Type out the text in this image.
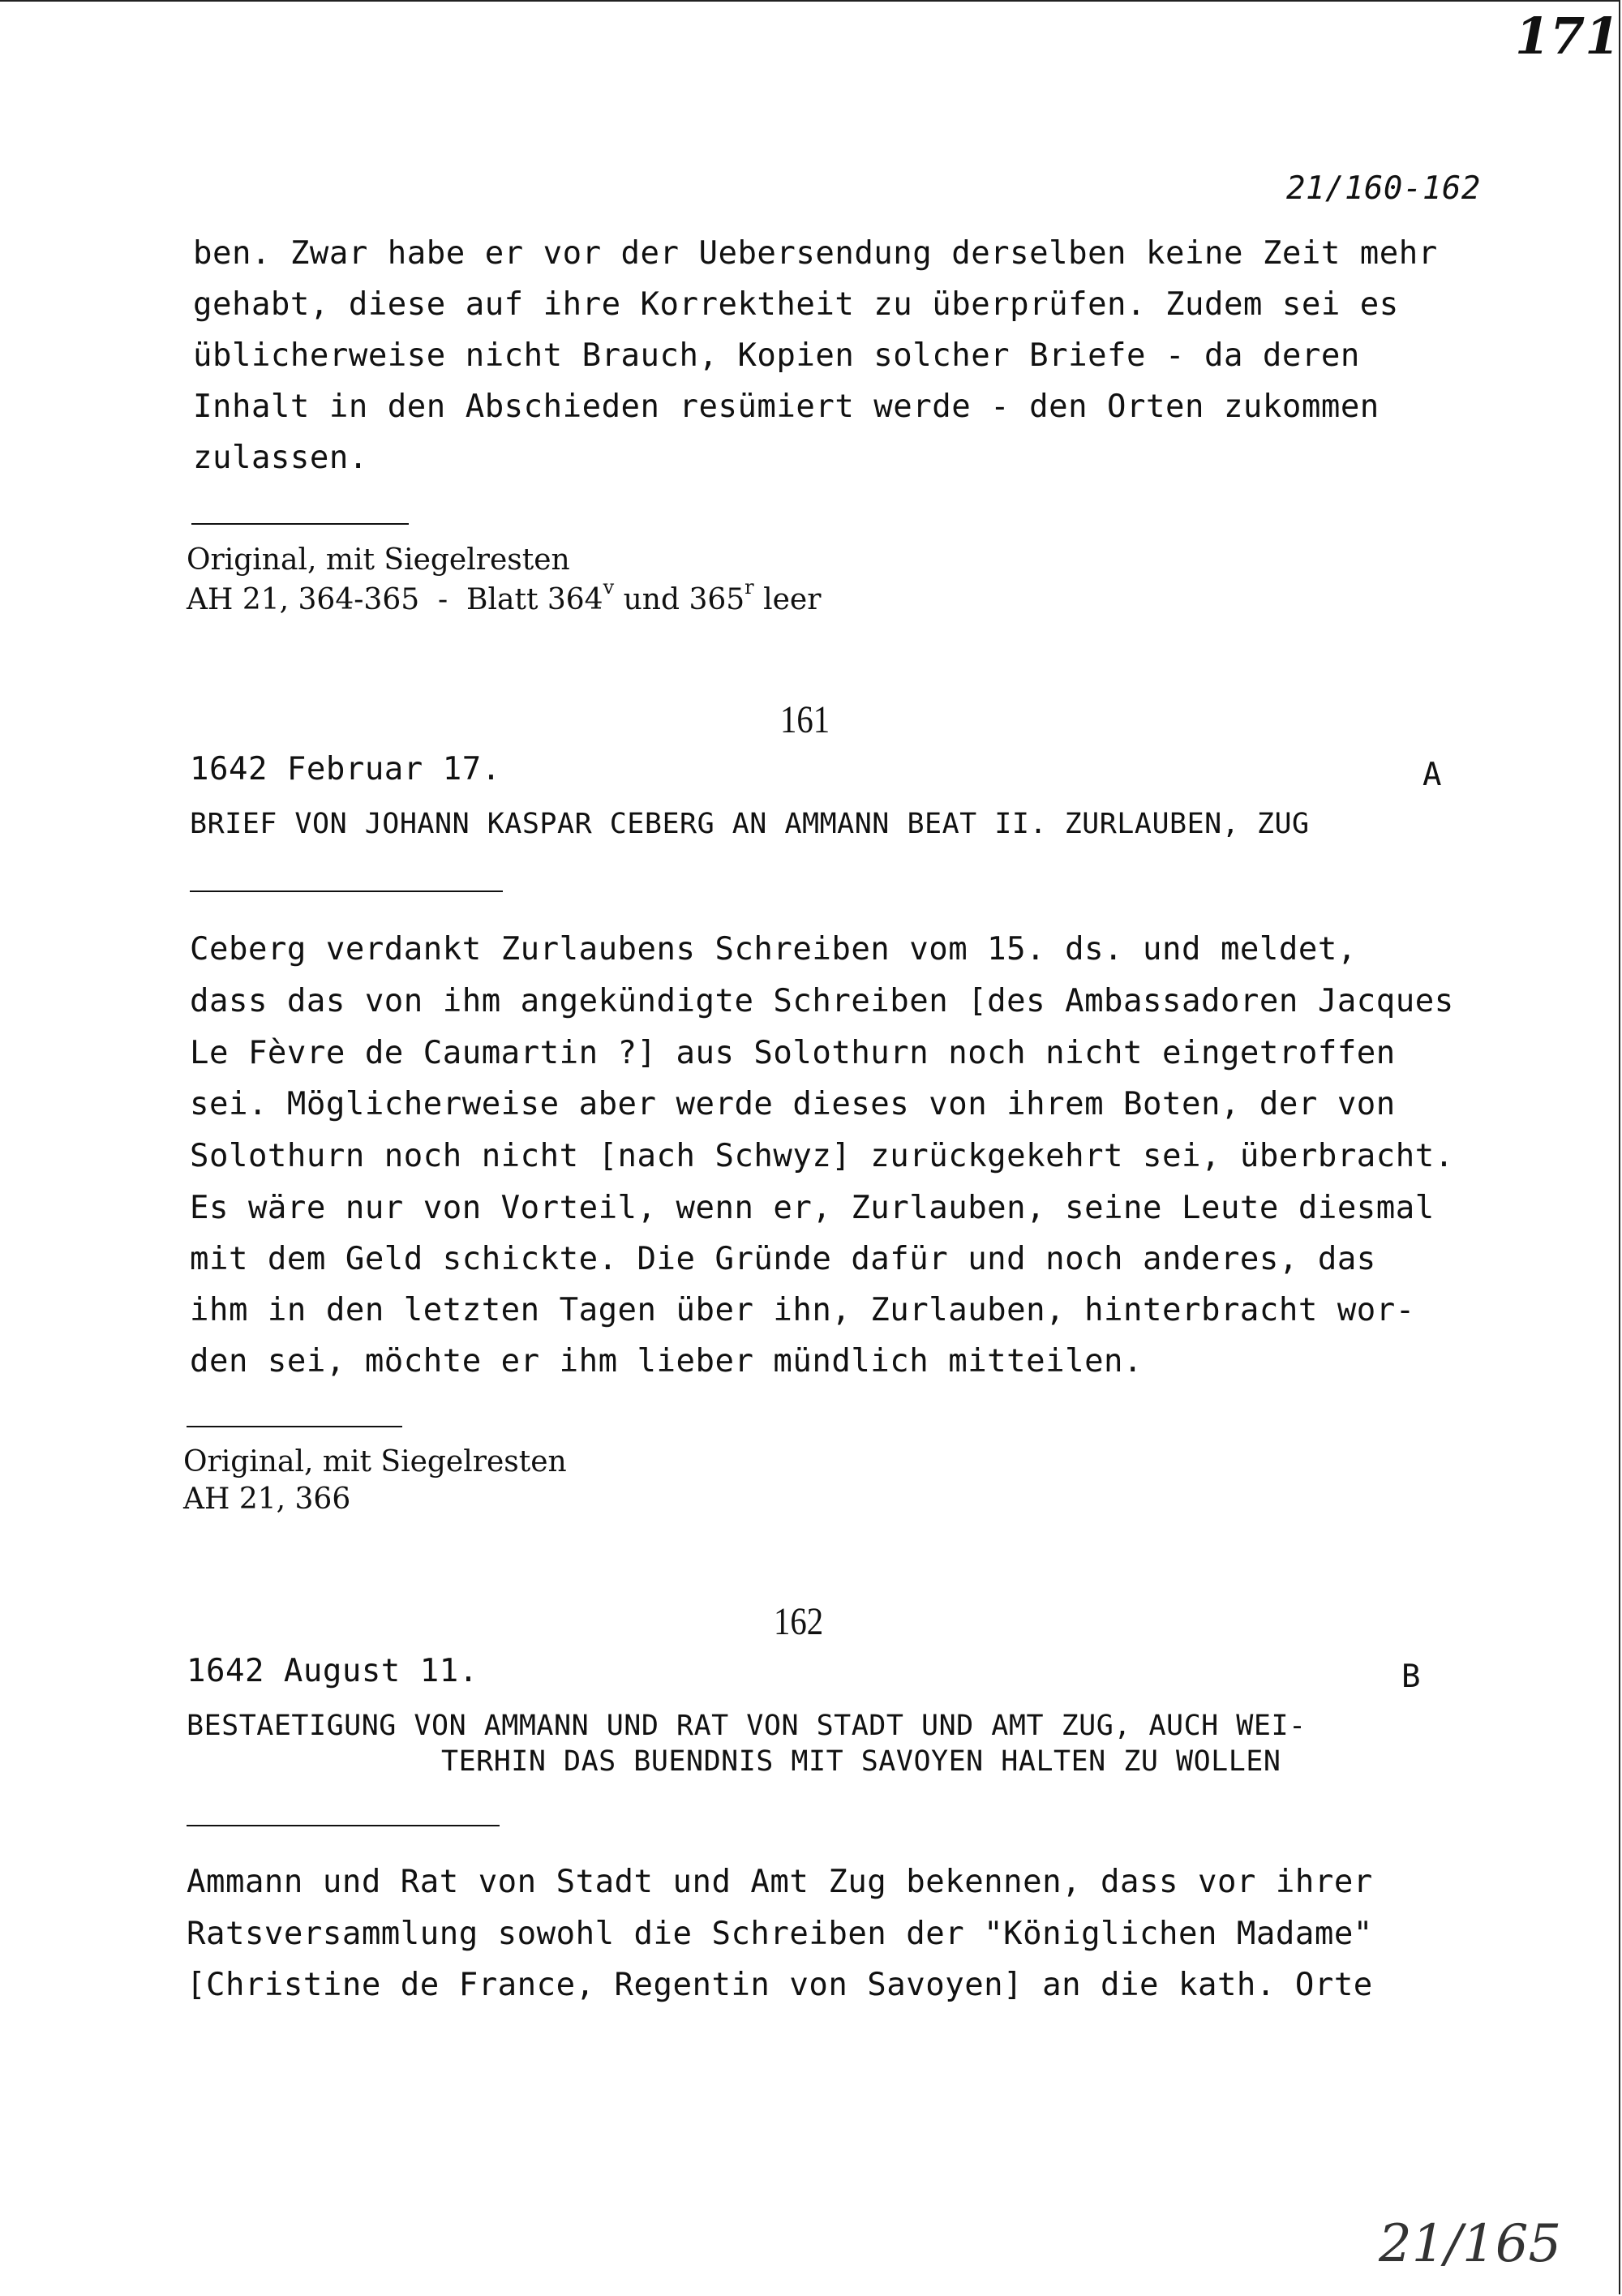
171
21/160-162
ben. Zwar habe er vor der Uebersendung derselben keine Zeit mehr
gehabt, diese auf ihre Korrektheit zu überprüfen. Zudem sei es
üblicherweise nicht Brauch, Kopien solcher Briefe - da deren
Inhalt in den Abschieden resümiert werde - den Orten zukommen
zulassen.
Original, mit Siegelresten
AH 21, 364-365  -  Blatt 364$^v$ und 365$^r$ leer
161
1642 Februar 17.	A
BRIEF VON JOHANN KASPAR CEBERG AN AMMANN BEAT II. ZURLAUBEN, ZUG
Ceberg verdankt Zurlaubens Schreiben vom 15. ds. und meldet,
dass das von ihm angekündigte Schreiben [des Ambassadoren Jacques
Le Fèvre de Caumartin ?] aus Solothurn noch nicht eingetroffen
sei. Möglicherweise aber werde dieses von ihrem Boten, der von
Solothurn noch nicht [nach Schwyz] zurückgekehrt sei, überbracht.
Es wäre nur von Vorteil, wenn er, Zurlauben, seine Leute diesmal
mit dem Geld schickte. Die Gründe dafür und noch anderes, das
ihm in den letzten Tagen über ihn, Zurlauben, hinterbracht wor-
den sei, möchte er ihm lieber mündlich mitteilen.
Original, mit Siegelresten
AH 21, 366
162
1642 August 11.	B
BESTAETIGUNG VON AMMANN UND RAT VON STADT UND AMT ZUG, AUCH WEI-
TERHIN DAS BUENDNIS MIT SAVOYEN HALTEN ZU WOLLEN
Ammann und Rat von Stadt und Amt Zug bekennen, dass vor ihrer
Ratsversammlung sowohl die Schreiben der "Königlichen Madame"
[Christine de France, Regentin von Savoyen] an die kath. Orte
21/165
